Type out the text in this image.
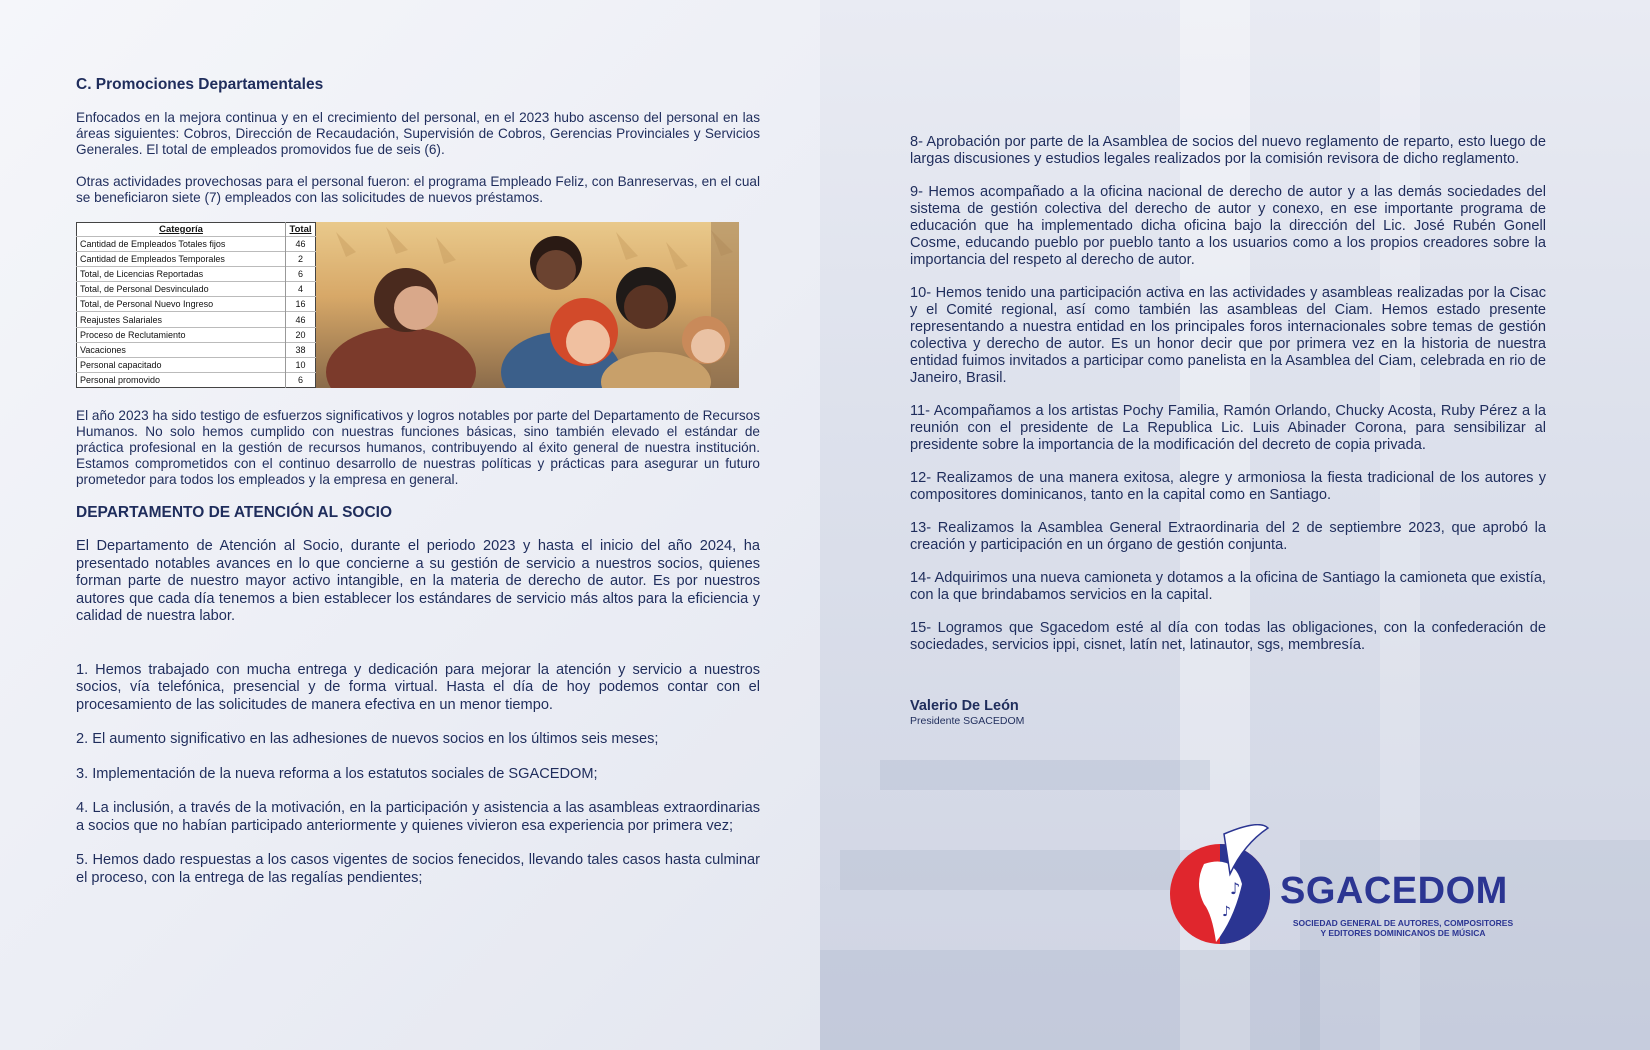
C. Promociones Departamentales

Enfocados en la mejora continua y en el crecimiento del personal, en el 2023 hubo ascenso del personal en las áreas siguientes: Cobros, Dirección de Recaudación, Supervisión de Cobros, Gerencias Provinciales y Servicios Generales. El total de empleados promovidos fue de seis (6).

Otras actividades provechosas para el personal fueron: el programa Empleado Feliz, con Banreservas, en el cual se beneficiaron siete (7) empleados con las solicitudes de nuevos préstamos.

Categoría	Total
Cantidad de Empleados Totales fijos	46
Cantidad de Empleados Temporales	2
Total, de Licencias Reportadas	6
Total, de Personal Desvinculado	4
Total, de Personal Nuevo Ingreso	16
Reajustes Salariales	46
Proceso de Reclutamiento	20
Vacaciones	38
Personal capacitado	10
Personal promovido	6

El año 2023 ha sido testigo de esfuerzos significativos y logros notables por parte del Departamento de Recursos Humanos. No solo hemos cumplido con nuestras funciones básicas, sino también elevado el estándar de práctica profesional en la gestión de recursos humanos, contribuyendo al éxito general de nuestra institución. Estamos comprometidos con el continuo desarrollo de nuestras políticas y prácticas para asegurar un futuro prometedor para todos los empleados y la empresa en general.

DEPARTAMENTO DE ATENCIÓN AL SOCIO

El Departamento de Atención al Socio, durante el periodo 2023 y hasta el inicio del año 2024, ha presentado notables avances en lo que concierne a su gestión de servicio a nuestros socios, quienes forman parte de nuestro mayor activo intangible, en la materia de derecho de autor. Es por nuestros autores que cada día tenemos a bien establecer los estándares de servicio más altos para la eficiencia y calidad de nuestra labor.

1. Hemos trabajado con mucha entrega y dedicación para mejorar la atención y servicio a nuestros socios, vía telefónica, presencial y de forma virtual. Hasta el día de hoy podemos contar con el procesamiento de las solicitudes de manera efectiva en un menor tiempo.

2. El aumento significativo en las adhesiones de nuevos socios en los últimos seis meses;

3. Implementación de la nueva reforma a los estatutos sociales de SGACEDOM;

4. La inclusión, a través de la motivación, en la participación y asistencia a las asambleas extraordinarias a socios que no habían participado anteriormente y quienes vivieron esa experiencia por primera vez;

5. Hemos dado respuestas a los casos vigentes de socios fenecidos, llevando tales casos hasta culminar el proceso, con la entrega de las regalías pendientes;

8- Aprobación por parte de la Asamblea de socios del nuevo reglamento de reparto, esto luego de largas discusiones y estudios legales realizados por la comisión revisora de dicho reglamento.

9- Hemos acompañado a la oficina nacional de derecho de autor y a las demás sociedades del sistema de gestión colectiva del derecho de autor y conexo, en ese importante programa de educación que ha implementado dicha oficina bajo la dirección del Lic. José Rubén Gonell Cosme, educando pueblo por pueblo tanto a los usuarios como a los propios creadores sobre la importancia del respeto al derecho de autor.

10- Hemos tenido una participación activa en las actividades y asambleas realizadas por la Cisac y el Comité regional, así como también las asambleas del Ciam. Hemos estado presente representando a nuestra entidad en los principales foros internacionales sobre temas de gestión colectiva y derecho de autor. Es un honor decir que por primera vez en la historia de nuestra entidad fuimos invitados a participar como panelista en la Asamblea del Ciam, celebrada en rio de Janeiro, Brasil.

11- Acompañamos a los artistas Pochy Familia, Ramón Orlando, Chucky Acosta, Ruby Pérez a la reunión con el presidente de La Republica Lic. Luis Abinader Corona, para sensibilizar al presidente sobre la importancia de la modificación del decreto de copia privada.

12- Realizamos de una manera exitosa, alegre y armoniosa la fiesta tradicional de los autores y compositores dominicanos, tanto en la capital como en Santiago.

13- Realizamos la Asamblea General Extraordinaria del 2 de septiembre 2023, que aprobó la creación y participación en un órgano de gestión conjunta.

14- Adquirimos una nueva camioneta y dotamos a la oficina de Santiago la camioneta que existía, con la que brindabamos servicios en la capital.

15- Logramos que Sgacedom esté al día con todas las obligaciones, con la confederación de sociedades, servicios ippi, cisnet, latín net, latinautor, sgs, membresía.

Valerio De León
Presidente SGACEDOM
♪
♪ SGACEDOM
SOCIEDAD GENERAL DE AUTORES, COMPOSITORES
Y EDITORES DOMINICANOS DE MÚSICA
